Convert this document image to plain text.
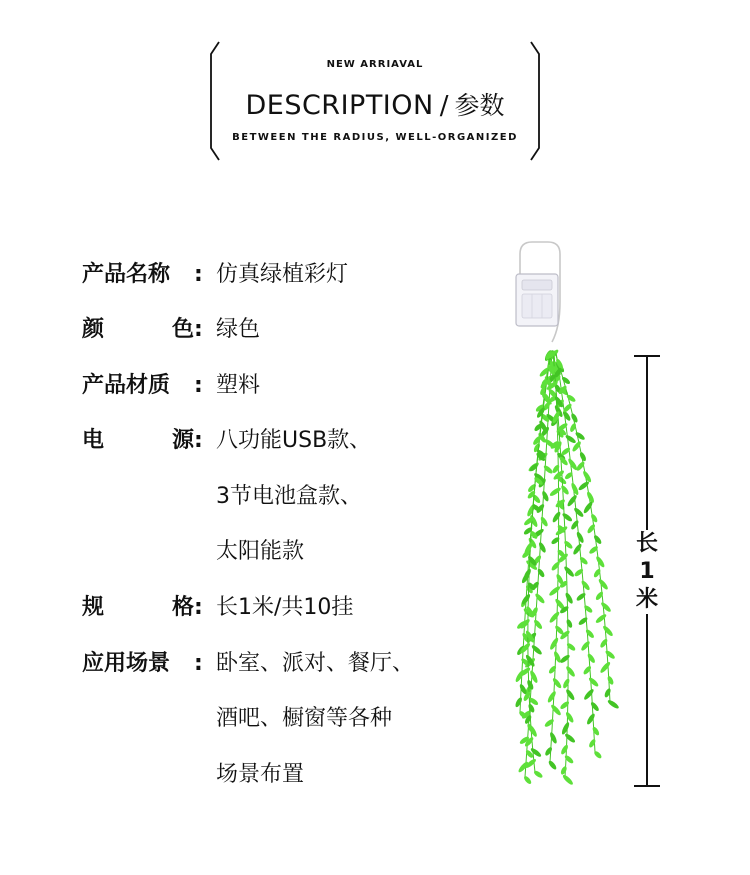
NEW ARRIAVAL
DESCRIPTION / 参数
BETWEEN THE RADIUS, WELL-ORGANIZED
产品名称 : 仿真绿植彩灯
颜色: 绿色
产品材质 : 塑料
电源: 八功能USB款、
3节电池盒款、
太阳能款
规格: 长1米/共10挂
应用场景 : 卧室、派对、餐厅、
酒吧、橱窗等各种
场景布置
长
1
米
